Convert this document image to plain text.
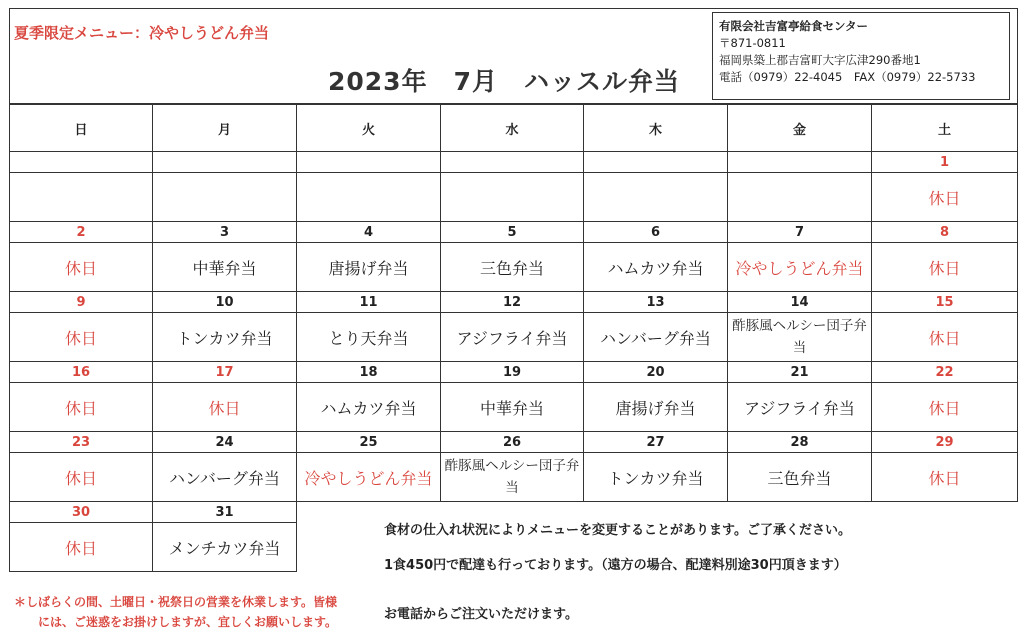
夏季限定メニュー：冷やしうどん弁当
2023年　7月　ハッスル弁当
有限会社吉富亭給食センター
〒871-0811
福岡県築上郡吉富町大字広津290番地1
電話（0979）22-4045　FAX（0979）22-5733
日	月	火	水	木	金	土
						1
						休日
2	3	4	5	6	7	8
休日	中華弁当	唐揚げ弁当	三色弁当	ハムカツ弁当	冷やしうどん弁当	休日
9	10	11	12	13	14	15
休日	トンカツ弁当	とり天弁当	アジフライ弁当	ハンバーグ弁当	酢豚風ヘルシー団子弁当	休日
16	17	18	19	20	21	22
休日	休日	ハムカツ弁当	中華弁当	唐揚げ弁当	アジフライ弁当	休日
23	24	25	26	27	28	29
休日	ハンバーグ弁当	冷やしうどん弁当	酢豚風ヘルシー団子弁当	トンカツ弁当	三色弁当	休日
30	31					
休日	メンチカツ弁当					
食材の仕入れ状況によりメニューを変更することがあります。ご了承ください。
1食450円で配達も行っております。（遠方の場合、配達料別途30円頂きます）
お電話からご注文いただけます。
＊しばらくの間、土曜日・祝祭日の営業を休業します。皆様
には、ご迷惑をお掛けしますが、宜しくお願いします。
